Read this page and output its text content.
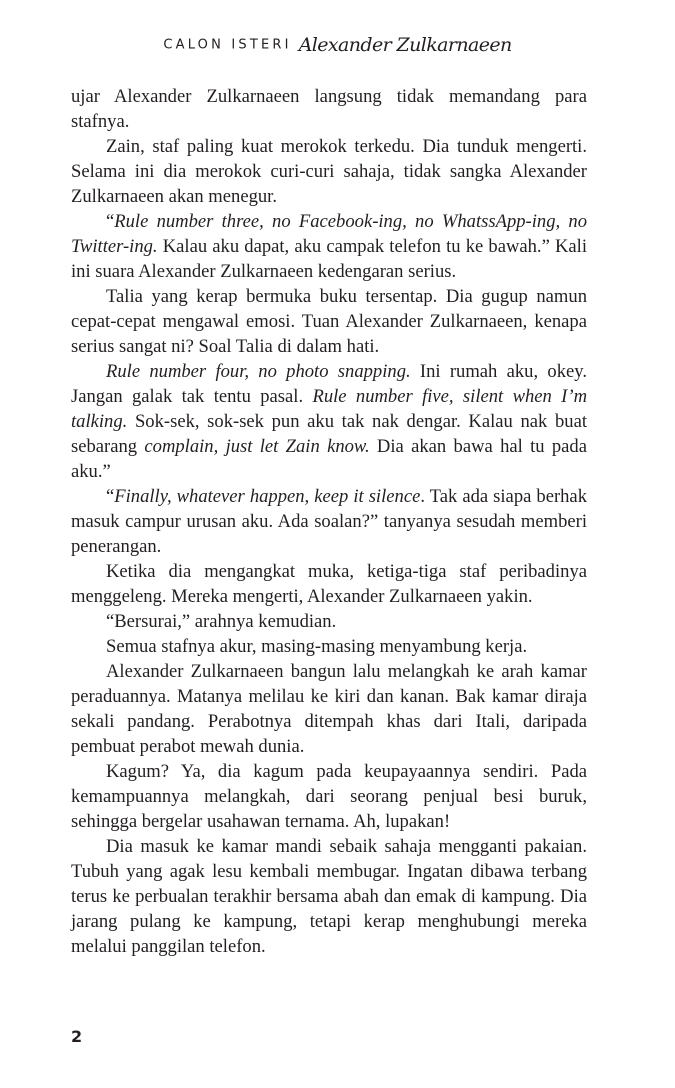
CALON ISTERI Alexander Zulkarnaeen

ujar Alexander Zulkarnaeen langsung tidak memandang para stafnya.

Zain, staf paling kuat merokok terkedu. Dia tunduk mengerti. Selama ini dia merokok curi-curi sahaja, tidak sangka Alexander Zulkarnaeen akan menegur.

“Rule number three, no Facebook-ing, no WhatssApp-ing, no Twitter-ing. Kalau aku dapat, aku campak telefon tu ke bawah.” Kali ini suara Alexander Zulkarnaeen kedengaran serius.

Talia yang kerap bermuka buku tersentap. Dia gugup namun cepat-cepat mengawal emosi. Tuan Alexander Zulkarnaeen, kenapa serius sangat ni? Soal Talia di dalam hati.

Rule number four, no photo snapping. Ini rumah aku, okey. Jangan galak tak tentu pasal. Rule number five, silent when I’m talking. Sok-sek, sok-sek pun aku tak nak dengar. Kalau nak buat sebarang complain, just let Zain know. Dia akan bawa hal tu pada aku.”

“Finally, whatever happen, keep it silence. Tak ada siapa berhak masuk campur urusan aku. Ada soalan?” tanyanya sesudah memberi penerangan.

Ketika dia mengangkat muka, ketiga-tiga staf peribadinya menggeleng. Mereka mengerti, Alexander Zulkarnaeen yakin.

“Bersurai,” arahnya kemudian.

Semua stafnya akur, masing-masing menyambung kerja.

Alexander Zulkarnaeen bangun lalu melangkah ke arah kamar peraduannya. Matanya melilau ke kiri dan kanan. Bak kamar diraja sekali pandang. Perabotnya ditempah khas dari Itali, daripada pembuat perabot mewah dunia.

Kagum? Ya, dia kagum pada keupayaannya sendiri. Pada kemampuannya melangkah, dari seorang penjual besi buruk, sehingga bergelar usahawan ternama. Ah, lupakan!

Dia masuk ke kamar mandi sebaik sahaja mengganti pakaian. Tubuh yang agak lesu kembali membugar. Ingatan dibawa terbang terus ke perbualan terakhir bersama abah dan emak di kampung. Dia jarang pulang ke kampung, tetapi kerap menghubungi mereka melalui panggilan telefon.

2
